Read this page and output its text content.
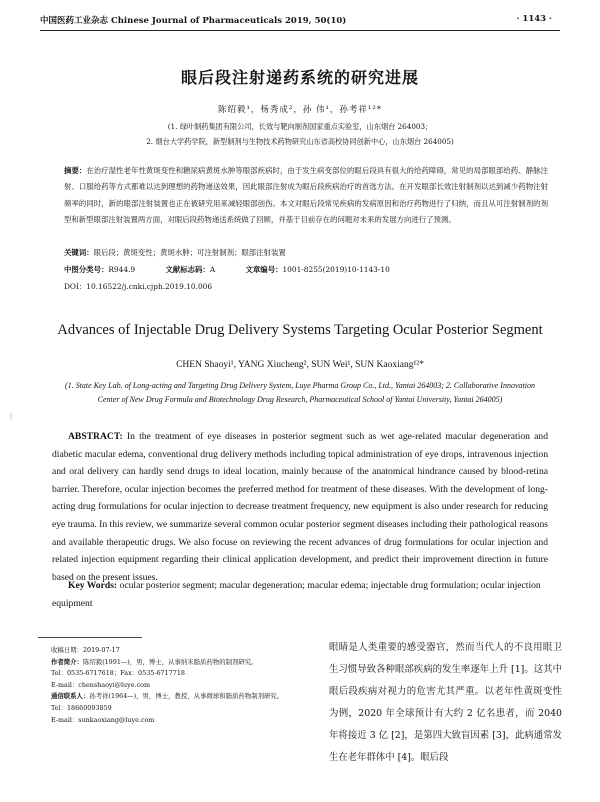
中国医药工业杂志 Chinese Journal of Pharmaceuticals 2019, 50(10)	· 1143 ·
眼后段注射递药系统的研究进展
陈绍毅¹，杨秀成²，孙 伟¹，孙考祥¹²*
(1. 绿叶制药集团有限公司，长效与靶向制剂国家重点实验室，山东烟台 264003；
2. 烟台大学药学院，新型制剂与生物技术药物研究山东省高校协同创新中心，山东烟台 264005)
摘要：在治疗湿性老年性黄斑变性和糖尿病黄斑水肿等眼部疾病时，由于发生病变部位的眼后段具有很大的给药障碍，常见的局部眼部给药、静脉注射、口服给药等方式都难以达到理想的药物递送效果，因此眼部注射成为眼后段疾病治疗的首选方法。在开发眼部长效注射制剂以达到减少药物注射频率的同时，新的眼部注射装置也正在被研究用来减轻眼部创伤。本文对眼后段常见疾病的发病原因和治疗药物进行了归纳，而且从可注射制剂的剂型和新型眼部注射装置两方面，对眼后段药物递送系统做了回顾，并基于目前存在的问题对未来的发展方向进行了预测。
关键词：眼后段；黄斑变性；黄斑水肿；可注射制剂；眼部注射装置
中图分类号：R944.9	文献标志码：A	文章编号：1001-8255(2019)10-1143-10
DOI：10.16522/j.cnki.cjph.2019.10.006
Advances of Injectable Drug Delivery Systems Targeting Ocular Posterior Segment
CHEN Shaoyi¹, YANG Xiucheng², SUN Wei¹, SUN Kaoxiang¹²*
(1. State Key Lab. of Long-acting and Targeting Drug Delivery System, Luye Pharma Group Co., Ltd., Yantai 264003; 2. Collaborative Innovation Center of New Drug Formula and Biotechnology Drug Research, Pharmaceutical School of Yantai University, Yantai 264005)
ABSTRACT: In the treatment of eye diseases in posterior segment such as wet age-related macular degeneration and diabetic macular edema, conventional drug delivery methods including topical administration of eye drops, intravenous injection and oral delivery can hardly send drugs to ideal location, mainly because of the anatomical hindrance caused by blood-retina barrier. Therefore, ocular injection becomes the preferred method for treatment of these diseases. With the development of long-acting drug formulations for ocular injection to decrease treatment frequency, new equipment is also under research for reducing eye trauma. In this review, we summarize several common ocular posterior segment diseases including their pathological reasons and available therapeutic drugs. We also focuse on reviewing the recent advances of drug formulations for ocular injection and related injection equipment regarding their clinical application development, and predict their improvement direction in future based on the present issues.
Key Words: ocular posterior segment; macular degeneration; macular edema; injectable drug formulation; ocular injection equipment
|
收稿日期：2019-07-17
作者简介：陈绍毅(1991—)，男，博士，从事纳米脂质药物的制剂研究。
Tel：0535-6717618；Fax：0535-6717718
E-mail：chenshaoyi@luye.com
通信联系人：孙考祥(1964—)，男，博士，教授，从事微球和脂质药物制剂研究。
Tel：18660093859
E-mail：sunkaoxiang@luye.com
眼睛是人类重要的感受器官，然而当代人的不良用眼卫生习惯导致各种眼部疾病的发生率逐年上升 [1]。这其中眼后段疾病对视力的危害尤其严重。以老年性黄斑变性为例，2020 年全球预计有大约 2 亿名患者，而 2040 年将接近 3 亿 [2]，是第四大致盲因素 [3]，此病通常发生在老年群体中 [4]。眼后段
